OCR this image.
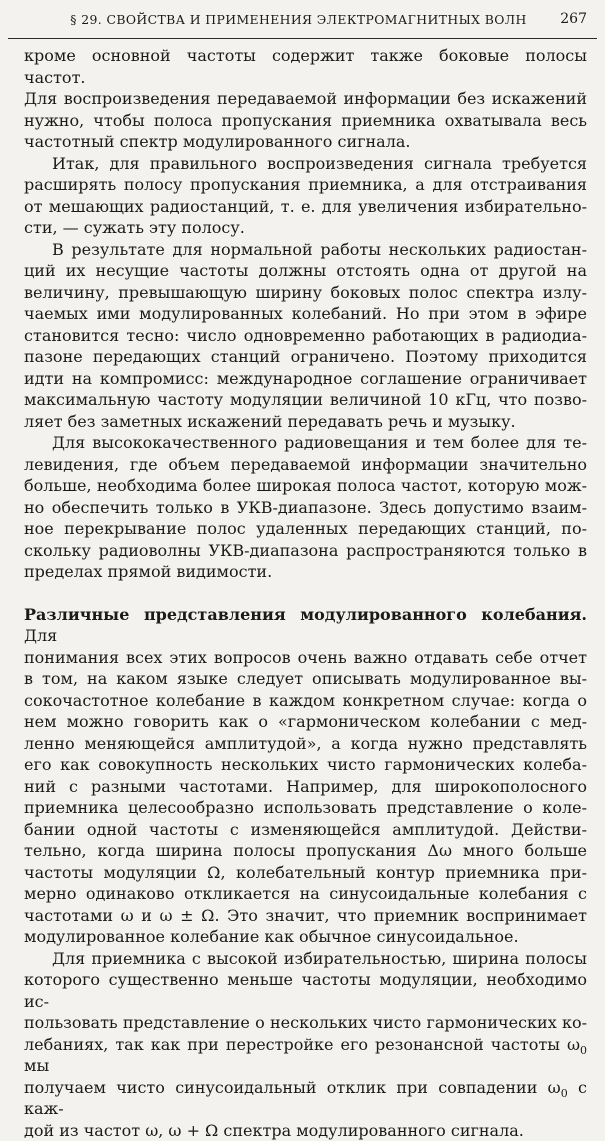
§ 29. СВОЙСТВА И ПРИМЕНЕНИЯ ЭЛЕКТРОМАГНИТНЫХ ВОЛН	267
кроме основной частоты содержит также боковые полосы частот.
Для воспроизведения передаваемой информации без искажений
нужно, чтобы полоса пропускания приемника охватывала весь
частотный спектр модулированного сигнала.
Итак, для правильного воспроизведения сигнала требуется
расширять полосу пропускания приемника, а для отстраивания
от мешающих радиостанций, т. е. для увеличения избирательно-
сти, — сужать эту полосу.
В результате для нормальной работы нескольких радиостан-
ций их несущие частоты должны отстоять одна от другой на
величину, превышающую ширину боковых полос спектра излу-
чаемых ими модулированных колебаний. Но при этом в эфире
становится тесно: число одновременно работающих в радиодиа-
пазоне передающих станций ограничено. Поэтому приходится
идти на компромисс: международное соглашение ограничивает
максимальную частоту модуляции величиной 10 кГц, что позво-
ляет без заметных искажений передавать речь и музыку.
Для высококачественного радиовещания и тем более для те-
левидения, где объем передаваемой информации значительно
больше, необходима более широкая полоса частот, которую мож-
но обеспечить только в УКВ-диапазоне. Здесь допустимо взаим-
ное перекрывание полос удаленных передающих станций, по-
скольку радиоволны УКВ-диапазона распространяются только в
пределах прямой видимости.
Различные представления модулированного колебания. Для
понимания всех этих вопросов очень важно отдавать себе отчет
в том, на каком языке следует описывать модулированное вы-
сокочастотное колебание в каждом конкретном случае: когда о
нем можно говорить как о «гармоническом колебании с мед-
ленно меняющейся амплитудой», а когда нужно представлять
его как совокупность нескольких чисто гармонических колеба-
ний с разными частотами. Например, для широкополосного
приемника целесообразно использовать представление о коле-
бании одной частоты с изменяющейся амплитудой. Действи-
тельно, когда ширина полосы пропускания Δω много больше
частоты модуляции Ω, колебательный контур приемника при-
мерно одинаково откликается на синусоидальные колебания с
частотами ω и ω ± Ω. Это значит, что приемник воспринимает
модулированное колебание как обычное синусоидальное.
Для приемника с высокой избирательностью, ширина полосы
которого существенно меньше частоты модуляции, необходимо ис-
пользовать представление о нескольких чисто гармонических ко-
лебаниях, так как при перестройке его резонансной частоты $\omega_0$ мы
получаем чисто синусоидальный отклик при совпадении $\omega_0$ с каж-
дой из частот ω, ω + Ω спектра модулированного сигнала.
